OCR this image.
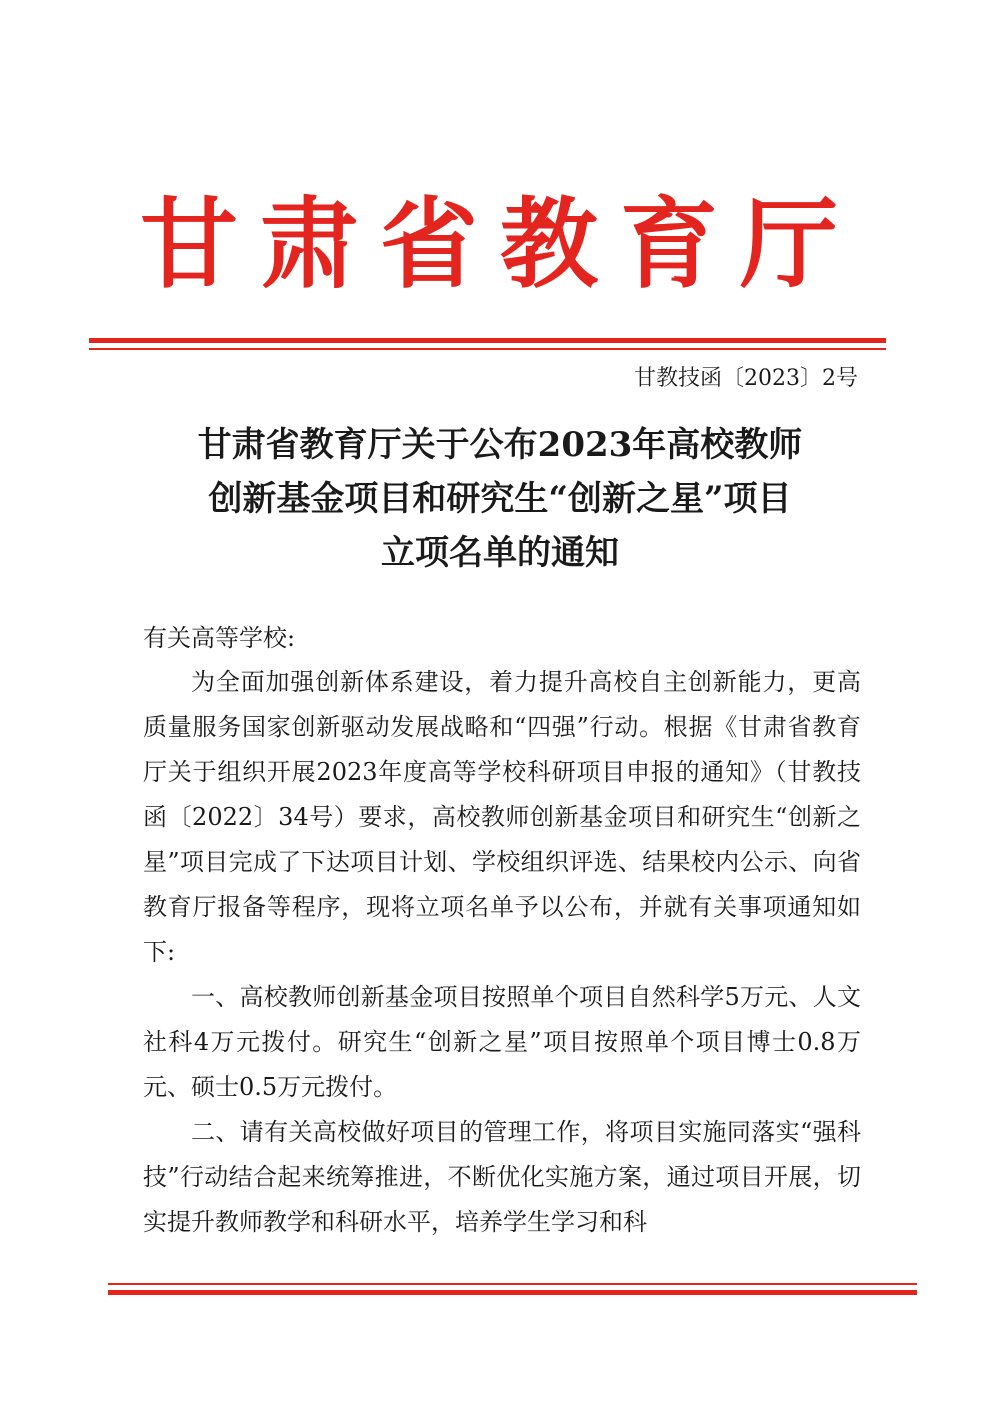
甘肃省教育厅
甘教技函〔2023〕2号
甘肃省教育厅关于公布2023年高校教师
创新基金项目和研究生“创新之星”项目
立项名单的通知
有关高等学校:

为全面加强创新体系建设，着力提升高校自主创新能力，更高质量服务国家创新驱动发展战略和“四强”行动。根据《甘肃省教育厅关于组织开展2023年度高等学校科研项目申报的通知》（甘教技函〔2022〕34号）要求，高校教师创新基金项目和研究生“创新之星”项目完成了下达项目计划、学校组织评选、结果校内公示、向省教育厅报备等程序，现将立项名单予以公布，并就有关事项通知如下:

一、高校教师创新基金项目按照单个项目自然科学5万元、人文社科4万元拨付。研究生“创新之星”项目按照单个项目博士0.8万元、硕士0.5万元拨付。

二、请有关高校做好项目的管理工作，将项目实施同落实“强科技”行动结合起来统筹推进，不断优化实施方案，通过项目开展，切实提升教师教学和科研水平，培养学生学习和科
